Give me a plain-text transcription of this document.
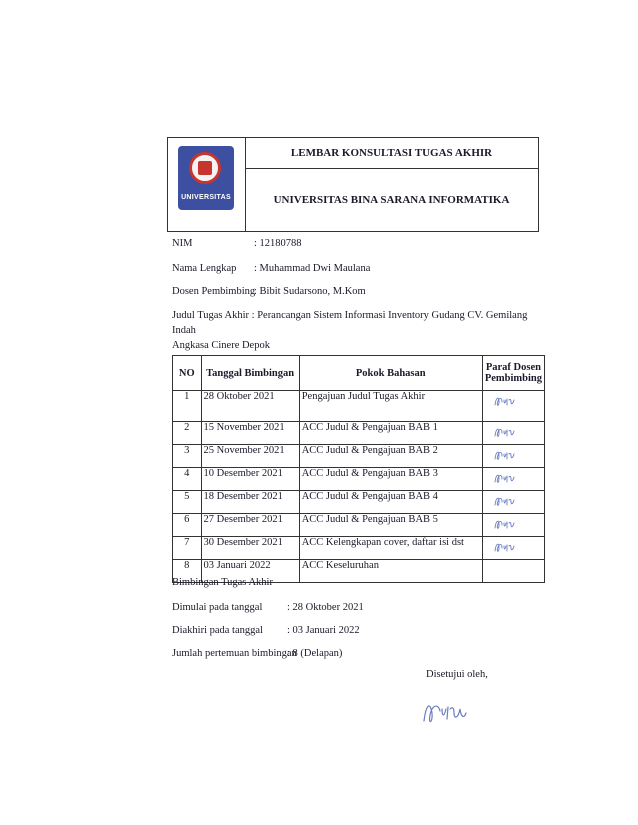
UNIVERSITAS
LEMBAR KONSULTASI TUGAS AKHIR
UNIVERSITAS BINA SARANA INFORMATIKA
NIM	: 12180788
Nama Lengkap : Muhammad Dwi Maulana
Dosen Pembimbing: Bibit Sudarsono, M.Kom
Judul Tugas Akhir : Perancangan Sistem Informasi Inventory Gudang CV. Gemilang Indah
Angkasa Cinere Depok
NO	Tanggal Bimbingan	Pokok Bahasan	Paraf Dosen Pembimbing
1	28 Oktober 2021	Pengajuan Judul Tugas Akhir	

2	15 November 2021	ACC Judul & Pengajuan BAB 1	

3	25 November 2021	ACC Judul & Pengajuan BAB 2	

4	10 Desember 2021	ACC Judul & Pengajuan BAB 3	

5	18 Desember 2021	ACC Judul & Pengajuan BAB 4	

6	27 Desember 2021	ACC Judul & Pengajuan BAB 5	

7	30 Desember 2021	ACC Kelengkapan cover, daftar isi dst	

8	03 Januari 2022	ACC Keseluruhan	
Bimbingan Tugas Akhir
Dimulai pada tanggal : 28 Oktober 2021
Diakhiri pada tanggal : 03 Januari 2022
Jumlah pertemuan bimbingan: 8 (Delapan)
Disetujui oleh,
